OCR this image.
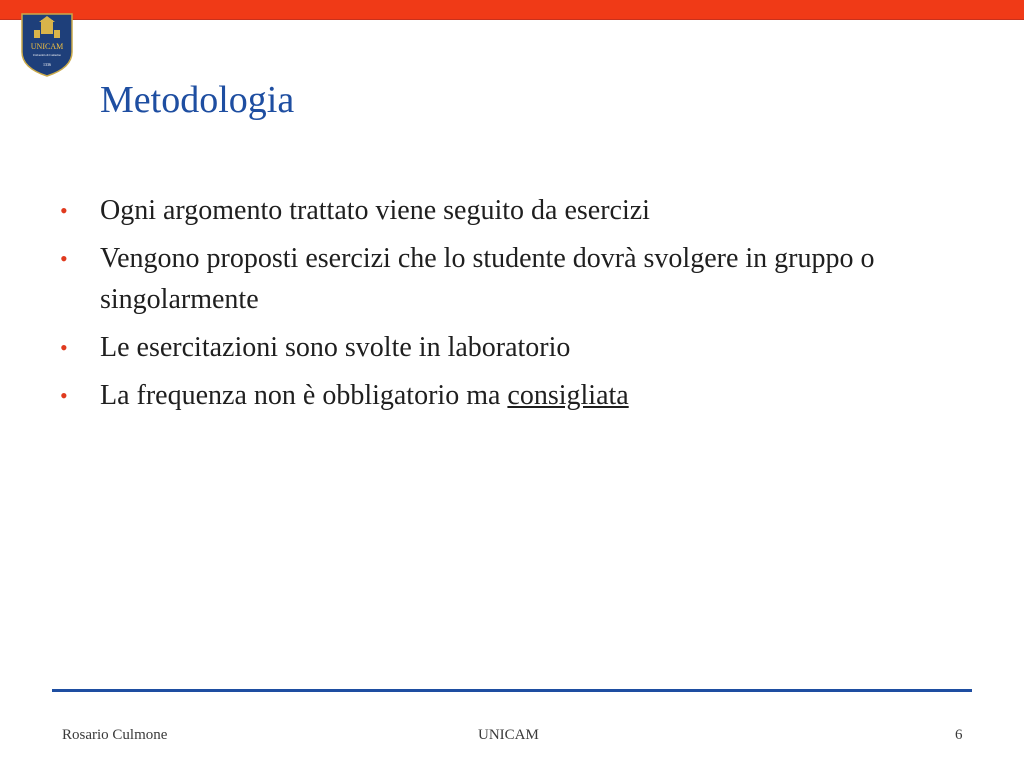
UNICAM
Università di Camerino
1336
Metodologia
• Ogni argomento trattato viene seguito da esercizi
• Vengono proposti esercizi che lo studente dovrà svolgere in gruppo o singolarmente
• Le esercitazioni sono svolte in laboratorio
• La frequenza non è obbligatorio ma consigliata
Rosario Culmone	UNICAM	6
